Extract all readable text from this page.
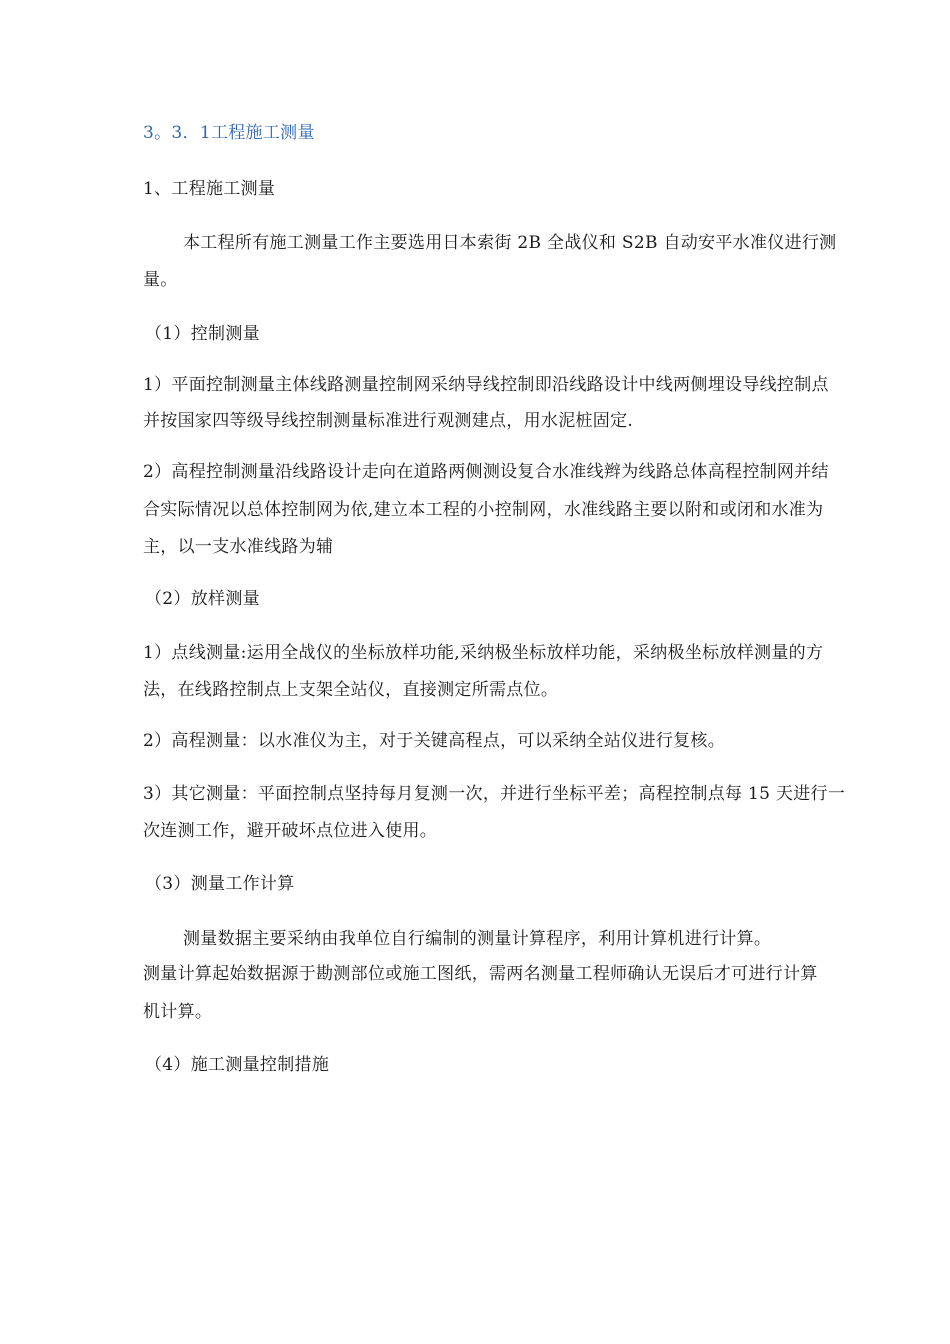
3。3．1工程施工测量
1、工程施工测量
本工程所有施工测量工作主要选用日本索街 2B 全战仪和 S2B 自动安平水准仪进行测
量。
（1）控制测量
1）平面控制测量主体线路测量控制网采纳导线控制即沿线路设计中线两侧埋设导线控制点
并按国家四等级导线控制测量标准进行观测建点，用水泥桩固定.
2）高程控制测量沿线路设计走向在道路两侧测设复合水准线辫为线路总体高程控制网并结
合实际情况以总体控制网为依,建立本工程的小控制网，水准线路主要以附和或闭和水准为
主，以一支水准线路为辅
（2）放样测量
1）点线测量:运用全战仪的坐标放样功能,采纳极坐标放样功能，采纳极坐标放样测量的方
法，在线路控制点上支架全站仪，直接测定所需点位。
2）高程测量：以水准仪为主，对于关键高程点，可以采纳全站仪进行复核。
3）其它测量：平面控制点坚持每月复测一次，并进行坐标平差；高程控制点每 15 天进行一
次连测工作，避开破坏点位进入使用。
（3）测量工作计算
测量数据主要采纳由我单位自行编制的测量计算程序，利用计算机进行计算。
测量计算起始数据源于勘测部位或施工图纸，需两名测量工程师确认无误后才可进行计算
机计算。
（4）施工测量控制措施
